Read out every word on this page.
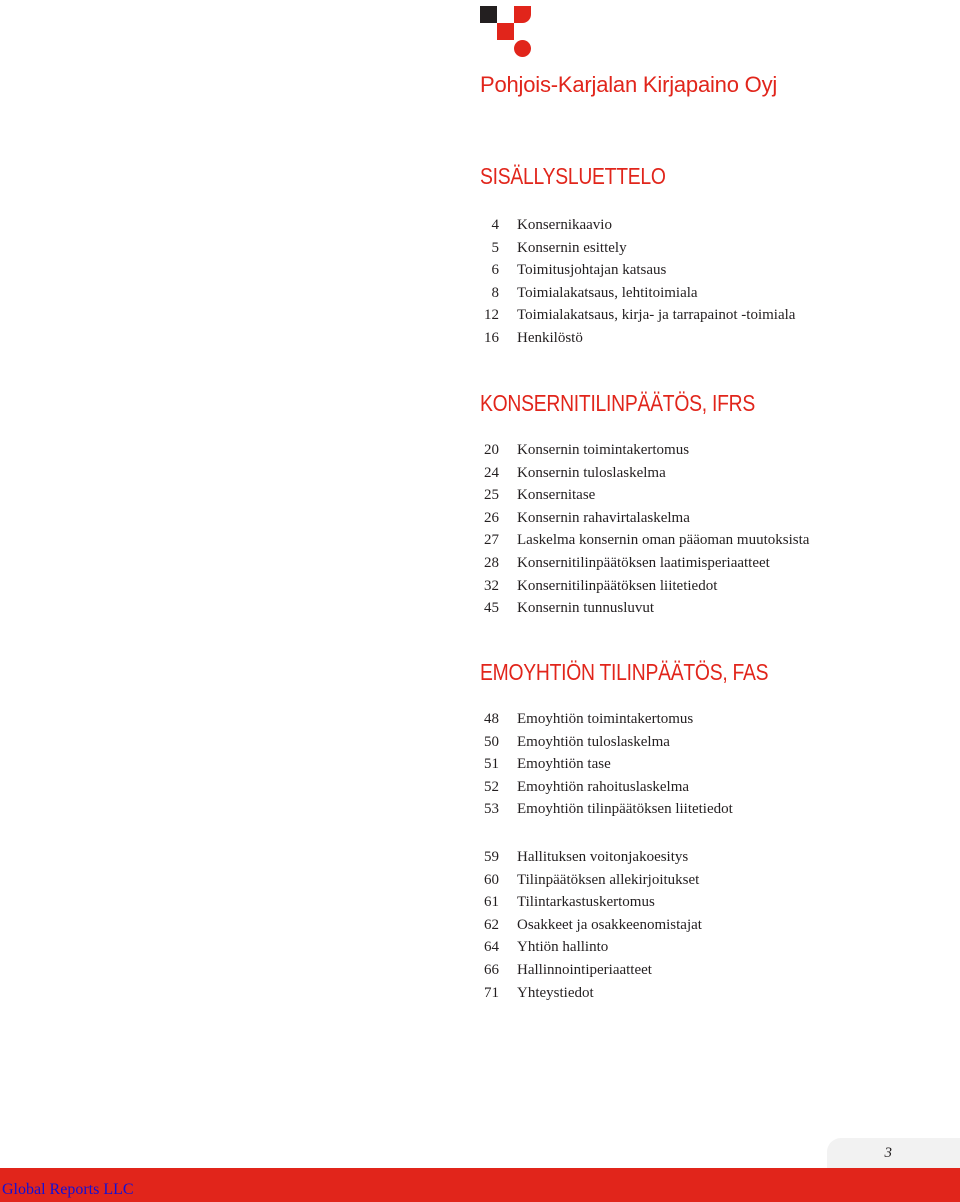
Pohjois-Karjalan Kirjapaino Oyj
SISÄLLYSLUETTELO
4 Konsernikaavio
5 Konsernin esittely
6 Toimitusjohtajan katsaus
8 Toimialakatsaus, lehtitoimiala
12 Toimialakatsaus, kirja- ja tarrapainot -toimiala
16 Henkilöstö
KONSERNITILINPÄÄTÖS, IFRS
20 Konsernin toimintakertomus
24 Konsernin tuloslaskelma
25 Konsernitase
26 Konsernin rahavirtalaskelma
27 Laskelma konsernin oman pääoman muutoksista
28 Konsernitilinpäätöksen laatimisperiaatteet
32 Konsernitilinpäätöksen liitetiedot
45 Konsernin tunnusluvut
EMOYHTIÖN TILINPÄÄTÖS, FAS
48 Emoyhtiön toimintakertomus
50 Emoyhtiön tuloslaskelma
51 Emoyhtiön tase
52 Emoyhtiön rahoituslaskelma
53 Emoyhtiön tilinpäätöksen liitetiedot
59 Hallituksen voitonjakoesitys
60 Tilinpäätöksen allekirjoitukset
61 Tilintarkastuskertomus
62 Osakkeet ja osakkeenomistajat
64 Yhtiön hallinto
66 Hallinnointiperiaatteet
71 Yhteystiedot
3
Global Reports LLC
